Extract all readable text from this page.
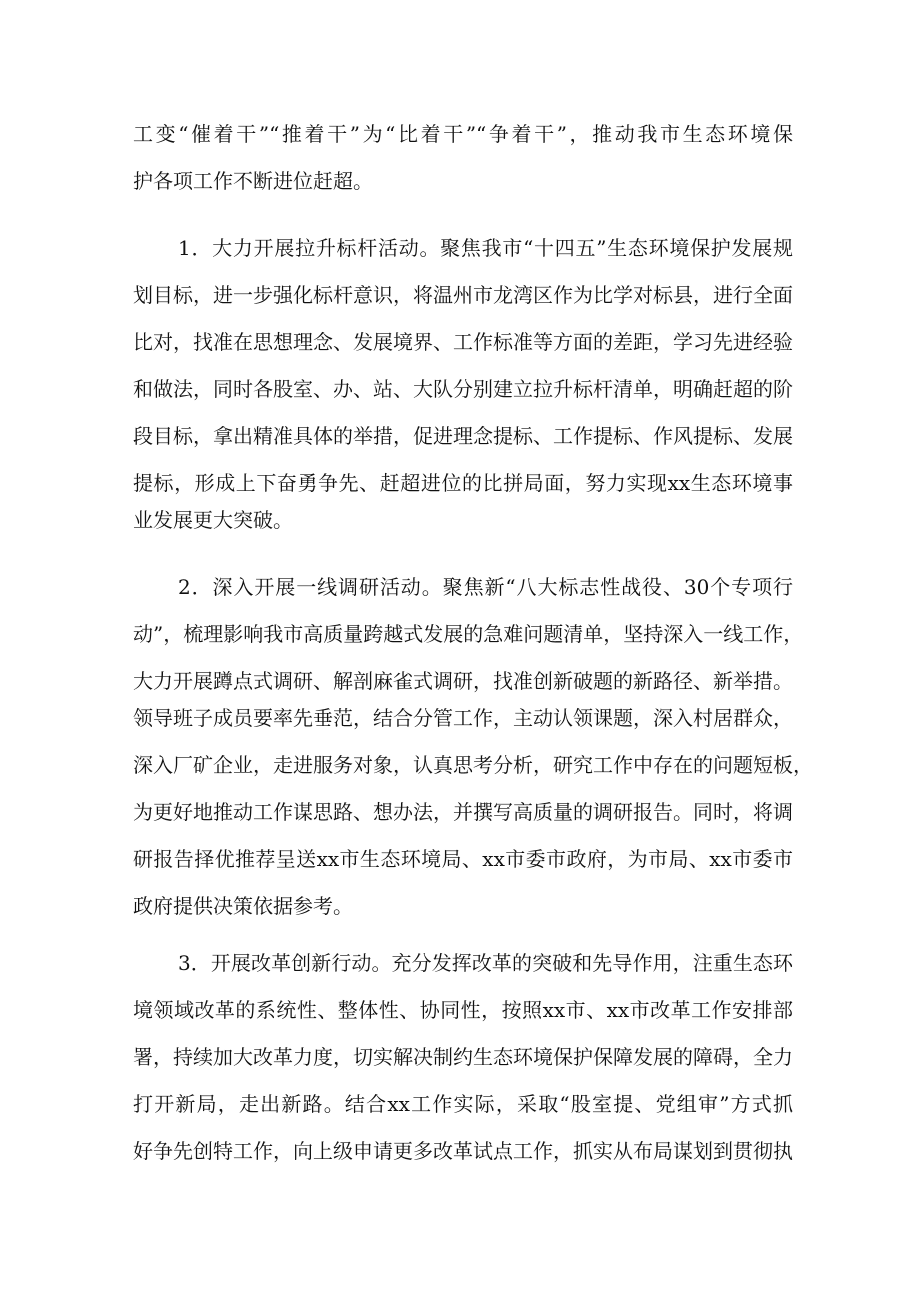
工变“催着干”“推着干”为“比着干”“争着干”，推动我市生态环境保
护各项工作不断进位赶超。
1．大力开展拉升标杆活动。聚焦我市“十四五”生态环境保护发展规
划目标，进一步强化标杆意识，将温州市龙湾区作为比学对标县，进行全面
比对，找准在思想理念、发展境界、工作标准等方面的差距，学习先进经验
和做法，同时各股室、办、站、大队分别建立拉升标杆清单，明确赶超的阶
段目标，拿出精准具体的举措，促进理念提标、工作提标、作风提标、发展
提标，形成上下奋勇争先、赶超进位的比拼局面，努力实现xx生态环境事
业发展更大突破。
2．深入开展一线调研活动。聚焦新“八大标志性战役、30个专项行
动”，梳理影响我市高质量跨越式发展的急难问题清单，坚持深入一线工作，
大力开展蹲点式调研、解剖麻雀式调研，找准创新破题的新路径、新举措。
领导班子成员要率先垂范，结合分管工作，主动认领课题，深入村居群众，
深入厂矿企业，走进服务对象，认真思考分析，研究工作中存在的问题短板，
为更好地推动工作谋思路、想办法，并撰写高质量的调研报告。同时，将调
研报告择优推荐呈送xx市生态环境局、xx市委市政府，为市局、xx市委市
政府提供决策依据参考。
3．开展改革创新行动。充分发挥改革的突破和先导作用，注重生态环
境领域改革的系统性、整体性、协同性，按照xx市、xx市改革工作安排部
署，持续加大改革力度，切实解决制约生态环境保护保障发展的障碍，全力
打开新局，走出新路。结合xx工作实际，采取“股室提、党组审”方式抓
好争先创特工作，向上级申请更多改革试点工作，抓实从布局谋划到贯彻执
